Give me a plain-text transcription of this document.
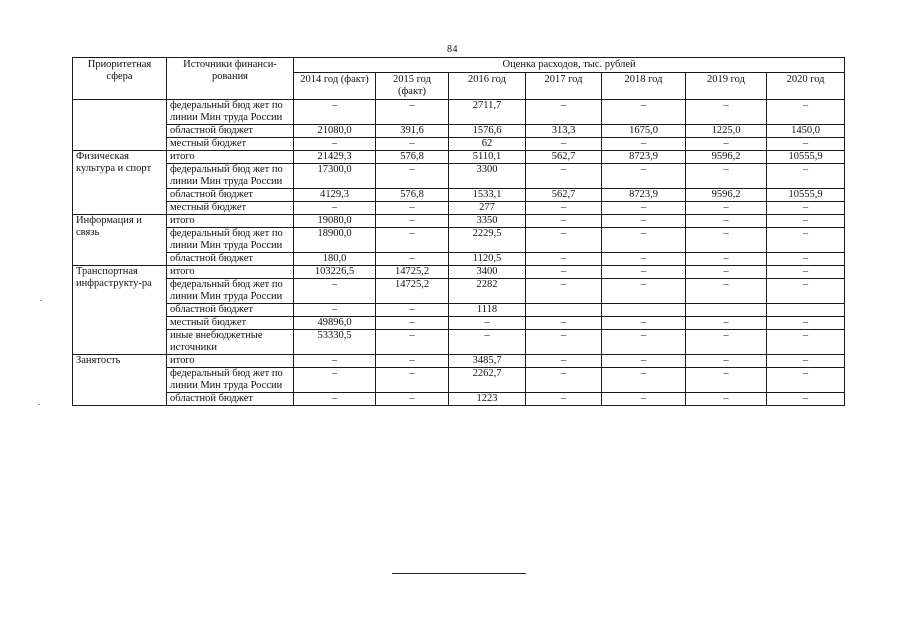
84
Приоритетная сфера	Источники финанси-рования	Оценка расходов, тыс. рублей						
		2014 год (факт)	2015 год (факт)	2016 год	2017 год	2018 год	2019 год	2020 год
	федеральный бюд жет по линии Мин труда России	–	–	2711,7	–	–	–	–
	областной бюджет	21080,0	391,6	1576,6	313,3	1675,0	1225,0	1450,0
	местный бюджет	–	–	62	–	–	–	–
Физическая культура и спорт	итого	21429,3	576,8	5110,1	562,7	8723,9	9596,2	10555,9
	федеральный бюд жет по линии Мин труда России	17300,0	–	3300	–	–	–	–
	областной бюджет	4129,3	576,8	1533,1	562,7	8723,9	9596,2	10555,9
	местный бюджет	–	–	277	–	–	–	–
Информация и связь	итого	19080,0	–	3350	–	–	–	–
	федеральный бюд жет по линии Мин труда России	18900,0	–	2229,5	–	–	–	–
	областной бюджет	180,0	–	1120,5	–	–	–	–
Транспортная инфраструкту-ра	итого	103226,5	14725,2	3400	–	–	–	–
	федеральный бюд жет по линии Мин труда России	–	14725,2	2282	–	–	–	–
	областной бюджет	–	–	1118				
	местный бюджет	49896,0	–	–	–	–	–	–
	иные внебюджетные источники	53330,5	–	–	–	–	–	–
Занятость	итого	–	–	3485,7	–	–	–	–
	федеральный бюд жет по линии Мин труда России	–	–	2262,7	–	–	–	–
	областной бюджет	–	–	1223	–	–	–	–
